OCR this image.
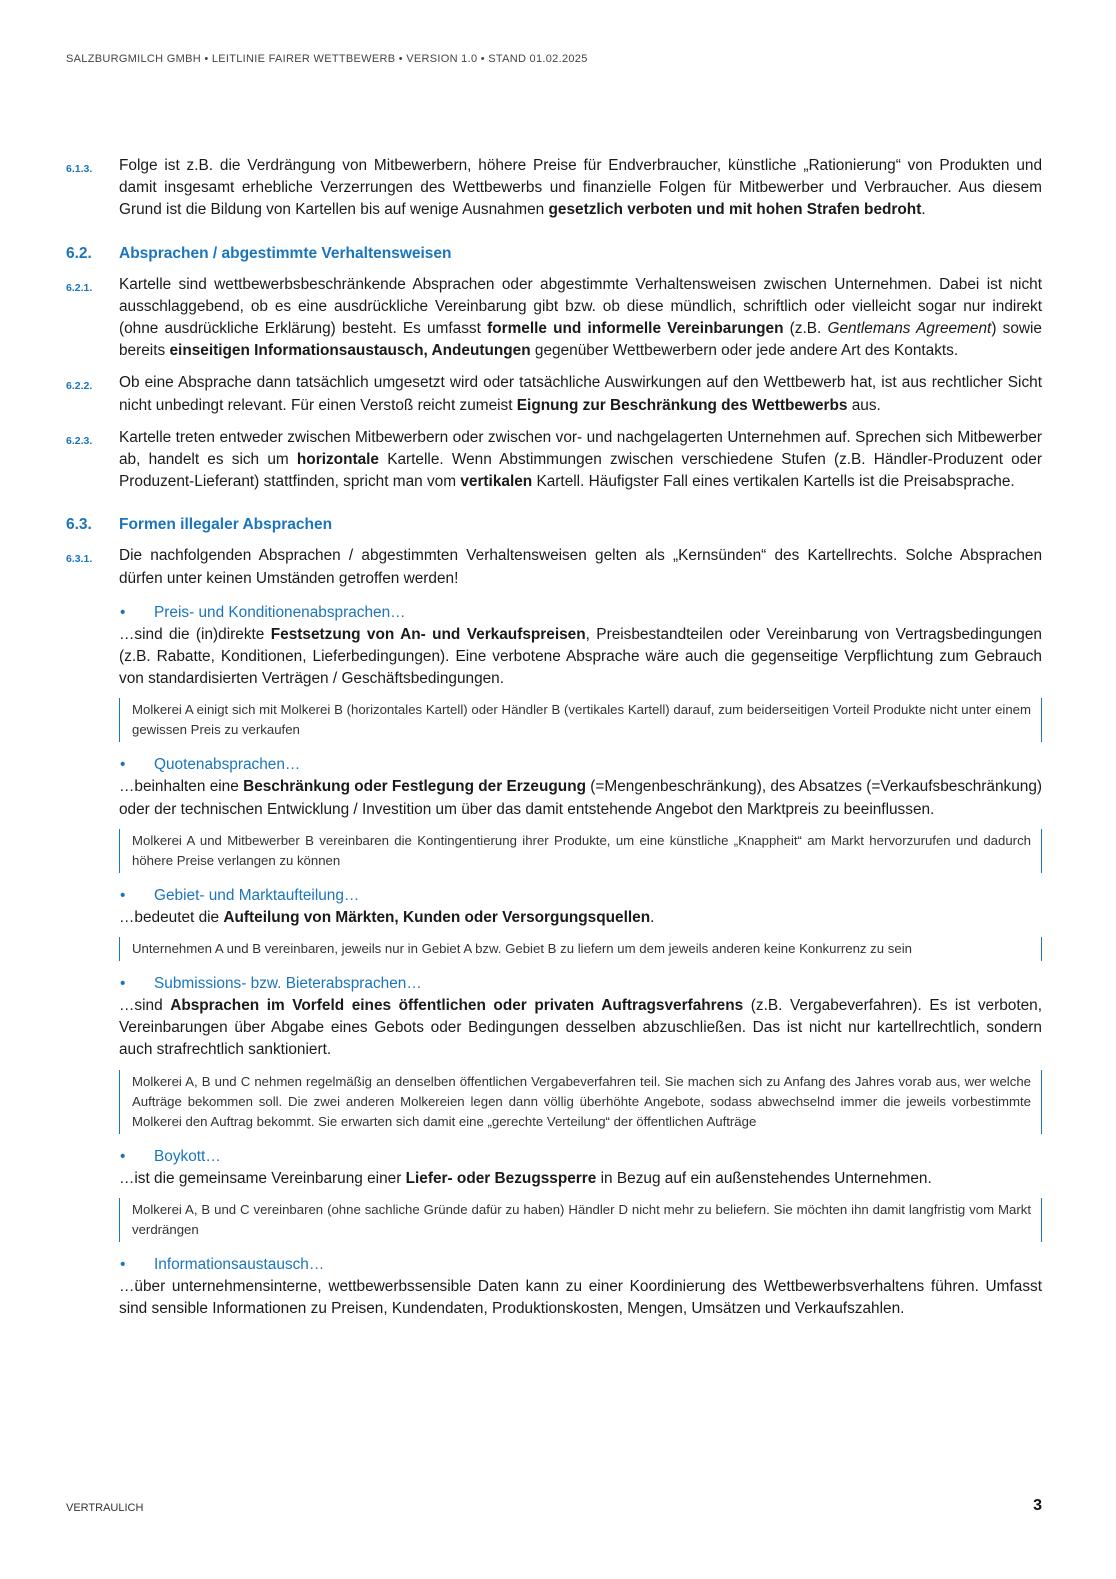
SALZBURGMILCH GMBH • LEITLINIE FAIRER WETTBEWERB • VERSION 1.0 • STAND 01.02.2025
6.1.3.	Folge ist z.B. die Verdrängung von Mitbewerbern, höhere Preise für Endverbraucher, künstliche „Rationierung“ von Produkten und damit insgesamt erhebliche Verzerrungen des Wettbewerbs und finanzielle Folgen für Mitbewerber und Verbraucher. Aus diesem Grund ist die Bildung von Kartellen bis auf wenige Ausnahmen gesetzlich verboten und mit hohen Strafen bedroht.
6.2.	Absprachen / abgestimmte Verhaltensweisen
6.2.1.	Kartelle sind wettbewerbsbeschränkende Absprachen oder abgestimmte Verhaltensweisen zwischen Unternehmen. Dabei ist nicht ausschlaggebend, ob es eine ausdrückliche Vereinbarung gibt bzw. ob diese mündlich, schriftlich oder vielleicht sogar nur indirekt (ohne ausdrückliche Erklärung) besteht. Es umfasst formelle und informelle Vereinbarungen (z.B. Gentlemans Agreement) sowie bereits einseitigen Informationsaustausch, Andeutungen gegenüber Wettbewerbern oder jede andere Art des Kontakts.
6.2.2.	Ob eine Absprache dann tatsächlich umgesetzt wird oder tatsächliche Auswirkungen auf den Wettbewerb hat, ist aus rechtlicher Sicht nicht unbedingt relevant. Für einen Verstoß reicht zumeist Eignung zur Beschränkung des Wettbewerbs aus.
6.2.3.	Kartelle treten entweder zwischen Mitbewerbern oder zwischen vor- und nachgelagerten Unternehmen auf. Sprechen sich Mitbewerber ab, handelt es sich um horizontale Kartelle. Wenn Abstimmungen zwischen verschiedene Stufen (z.B. Händler-Produzent oder Produzent-Lieferant) stattfinden, spricht man vom vertikalen Kartell. Häufigster Fall eines vertikalen Kartells ist die Preisabsprache.
6.3.	Formen illegaler Absprachen
6.3.1.	Die nachfolgenden Absprachen / abgestimmten Verhaltensweisen gelten als „Kernsünden“ des Kartellrechts. Solche Absprachen dürfen unter keinen Umständen getroffen werden!
•	Preis- und Konditionenabsprachen…
…sind die (in)direkte Festsetzung von An- und Verkaufspreisen, Preisbestandteilen oder Vereinbarung von Vertragsbedingungen (z.B. Rabatte, Konditionen, Lieferbedingungen). Eine verbotene Absprache wäre auch die gegenseitige Verpflichtung zum Gebrauch von standardisierten Verträgen / Geschäftsbedingungen.
Molkerei A einigt sich mit Molkerei B (horizontales Kartell) oder Händler B (vertikales Kartell) darauf, zum beiderseitigen Vorteil Produkte nicht unter einem gewissen Preis zu verkaufen
•	Quotenabsprachen…
…beinhalten eine Beschränkung oder Festlegung der Erzeugung (=Mengenbeschränkung), des Absatzes (=Verkaufsbeschränkung) oder der technischen Entwicklung / Investition um über das damit entstehende Angebot den Marktpreis zu beeinflussen.
Molkerei A und Mitbewerber B vereinbaren die Kontingentierung ihrer Produkte, um eine künstliche „Knappheit“ am Markt hervorzurufen und dadurch höhere Preise verlangen zu können
•	Gebiet- und Marktaufteilung…
…bedeutet die Aufteilung von Märkten, Kunden oder Versorgungsquellen.
Unternehmen A und B vereinbaren, jeweils nur in Gebiet A bzw. Gebiet B zu liefern um dem jeweils anderen keine Konkurrenz zu sein
•	Submissions- bzw. Bieterabsprachen…
…sind Absprachen im Vorfeld eines öffentlichen oder privaten Auftragsverfahrens (z.B. Vergabeverfahren). Es ist verboten, Vereinbarungen über Abgabe eines Gebots oder Bedingungen desselben abzuschließen. Das ist nicht nur kartellrechtlich, sondern auch strafrechtlich sanktioniert.
Molkerei A, B und C nehmen regelmäßig an denselben öffentlichen Vergabeverfahren teil. Sie machen sich zu Anfang des Jahres vorab aus, wer welche Aufträge bekommen soll. Die zwei anderen Molkereien legen dann völlig überhöhte Angebote, sodass abwechselnd immer die jeweils vorbestimmte Molkerei den Auftrag bekommt. Sie erwarten sich damit eine „gerechte Verteilung“ der öffentlichen Aufträge
•	Boykott…
…ist die gemeinsame Vereinbarung einer Liefer- oder Bezugssperre in Bezug auf ein außenstehendes Unternehmen.
Molkerei A, B und C vereinbaren (ohne sachliche Gründe dafür zu haben) Händler D nicht mehr zu beliefern. Sie möchten ihn damit langfristig vom Markt verdrängen
•	Informationsaustausch…
…über unternehmensinterne, wettbewerbssensible Daten kann zu einer Koordinierung des Wettbewerbsverhaltens führen. Umfasst sind sensible Informationen zu Preisen, Kundendaten, Produktionskosten, Mengen, Umsätzen und Verkaufszahlen.
VERTRAULICH	3
